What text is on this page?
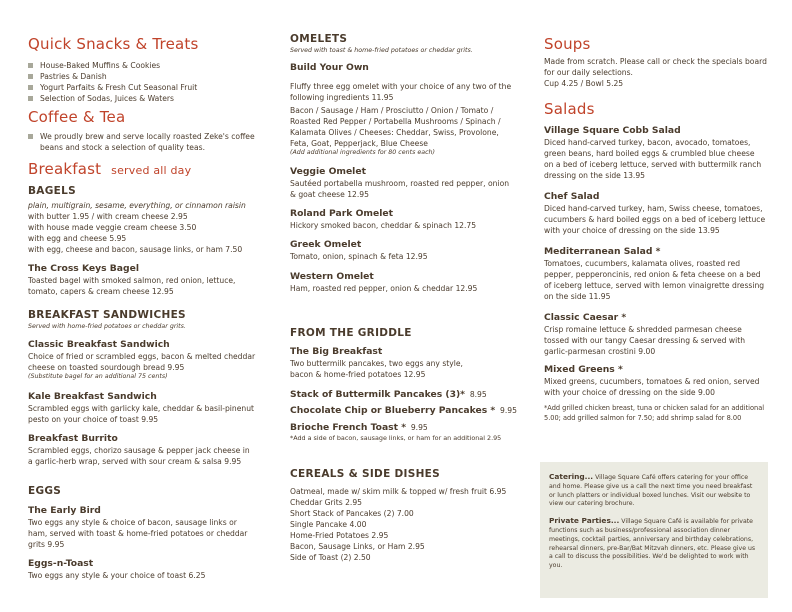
Quick Snacks & Treats
House-Baked Muffins & Cookies
Pastries & Danish
Yogurt Parfaits & Fresh Cut Seasonal Fruit
Selection of Sodas, Juices & Waters
Coffee & Tea
We proudly brew and serve locally roasted Zeke's coffee beans and stock a selection of quality teas.
Breakfast served all day
BAGELS
plain, multigrain, sesame, everything, or cinnamon raisin
with butter 1.95 / with cream cheese 2.95
with house made veggie cream cheese 3.50
with egg and cheese 5.95
with egg, cheese and bacon, sausage links, or ham 7.50
The Cross Keys Bagel
Toasted bagel with smoked salmon, red onion, lettuce, tomato, capers & cream cheese 12.95
BREAKFAST SANDWICHES
Served with home-fried potatoes or cheddar grits.
Classic Breakfast Sandwich
Choice of fried or scrambled eggs, bacon & melted cheddar cheese on toasted sourdough bread 9.95
(Substitute bagel for an additional 75 cents)
Kale Breakfast Sandwich
Scrambled eggs with garlicky kale, cheddar & basil-pinenut pesto on your choice of toast 9.95
Breakfast Burrito
Scrambled eggs, chorizo sausage & pepper jack cheese in a garlic-herb wrap, served with sour cream & salsa 9.95
EGGS
The Early Bird
Two eggs any style & choice of bacon, sausage links or ham, served with toast & home-fried potatoes or cheddar grits 9.95
Eggs-n-Toast
Two eggs any style & your choice of toast 6.25
OMELETS
Served with toast & home-fried potatoes or cheddar grits.
Build Your Own
Fluffy three egg omelet with your choice of any two of the following ingredients 11.95
Bacon / Sausage / Ham / Prosciutto / Onion / Tomato / Roasted Red Pepper / Portabella Mushrooms / Spinach / Kalamata Olives / Cheeses: Cheddar, Swiss, Provolone, Feta, Goat, Pepperjack, Blue Cheese
(Add additional ingredients for 80 cents each)
Veggie Omelet
Sautéed portabella mushroom, roasted red pepper, onion & goat cheese 12.95
Roland Park Omelet
Hickory smoked bacon, cheddar & spinach 12.75
Greek Omelet
Tomato, onion, spinach & feta 12.95
Western Omelet
Ham, roasted red pepper, onion & cheddar 12.95
FROM THE GRIDDLE
The Big Breakfast
Two buttermilk pancakes, two eggs any style, bacon & home-fried potatoes 12.95
Stack of Buttermilk Pancakes (3)* 8.95
Chocolate Chip or Blueberry Pancakes * 9.95
Brioche French Toast * 9.95
*Add a side of bacon, sausage links, or ham for an additional 2.95
CEREALS & SIDE DISHES
Oatmeal, made w/ skim milk & topped w/ fresh fruit 6.95
Cheddar Grits 2.95
Short Stack of Pancakes (2) 7.00
Single Pancake 4.00
Home-Fried Potatoes 2.95
Bacon, Sausage Links, or Ham 2.95
Side of Toast (2) 2.50
Soups
Made from scratch. Please call or check the specials board for our daily selections.
Cup 4.25 / Bowl 5.25
Salads
Village Square Cobb Salad
Diced hand-carved turkey, bacon, avocado, tomatoes, green beans, hard boiled eggs & crumbled blue cheese on a bed of iceberg lettuce, served with buttermilk ranch dressing on the side 13.95
Chef Salad
Diced hand-carved turkey, ham, Swiss cheese, tomatoes, cucumbers & hard boiled eggs on a bed of iceberg lettuce with your choice of dressing on the side 13.95
Mediterranean Salad *
Tomatoes, cucumbers, kalamata olives, roasted red pepper, pepperoncinis, red onion & feta cheese on a bed of iceberg lettuce, served with lemon vinaigrette dressing on the side 11.95
Classic Caesar *
Crisp romaine lettuce & shredded parmesan cheese tossed with our tangy Caesar dressing & served with garlic-parmesan crostini 9.00
Mixed Greens *
Mixed greens, cucumbers, tomatoes & red onion, served with your choice of dressing on the side 9.00
*Add grilled chicken breast, tuna or chicken salad for an additional 5.00; add grilled salmon for 7.50; add shrimp salad for 8.00
Catering... Village Square Café offers catering for your office and home. Please give us a call the next time you need breakfast or lunch platters or individual boxed lunches. Visit our website to view our catering brochure.
Private Parties... Village Square Café is available for private functions such as business/professional association dinner meetings, cocktail parties, anniversary and birthday celebrations, rehearsal dinners, pre-Bar/Bat Mitzvah dinners, etc. Please give us a call to discuss the possibilities. We'd be delighted to work with you.
